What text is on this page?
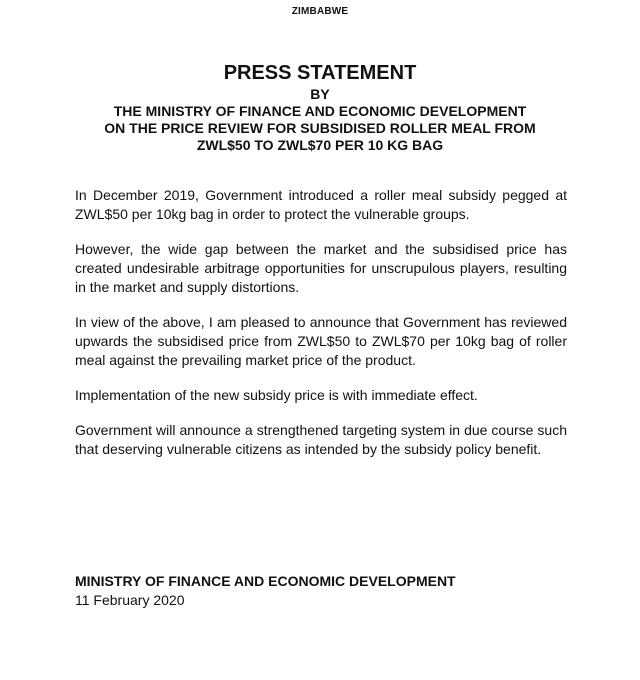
ZIMBABWE
PRESS STATEMENT
BY
THE MINISTRY OF FINANCE AND ECONOMIC DEVELOPMENT
ON THE PRICE REVIEW FOR SUBSIDISED ROLLER MEAL FROM
ZWL$50 TO ZWL$70 PER 10 KG BAG

In December 2019, Government introduced a roller meal subsidy pegged at ZWL$50 per 10kg bag in order to protect the vulnerable groups.

However, the wide gap between the market and the subsidised price has created undesirable arbitrage opportunities for unscrupulous players, resulting in the market and supply distortions.

In view of the above, I am pleased to announce that Government has reviewed upwards the subsidised price from ZWL$50 to ZWL$70 per 10kg bag of roller meal against the prevailing market price of the product.

Implementation of the new subsidy price is with immediate effect.

Government will announce a strengthened targeting system in due course such that deserving vulnerable citizens as intended by the subsidy policy benefit.

MINISTRY OF FINANCE AND ECONOMIC DEVELOPMENT
11 February 2020
